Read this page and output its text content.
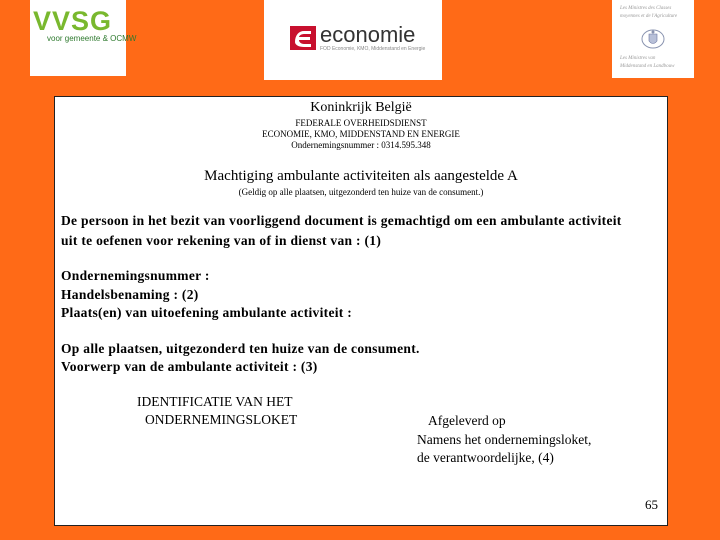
VVSG
voor gemeente & OCMW	economie
FOD Economie, KMO, Middenstand en Energie
Les Ministres des Classes
moyennes et de l'Agriculture
Les Ministres van
Middenstand en Landbouw
Koninkrijk België
FEDERALE OVERHEIDSDIENST
ECONOMIE, KMO, MIDDENSTAND EN ENERGIE
Ondernemingsnummer : 0314.595.348
Machtiging ambulante activiteiten als aangestelde A
(Geldig op alle plaatsen, uitgezonderd ten huize van de consument.)
De persoon in het bezit van voorliggend document is gemachtigd om een ambulante activiteit
uit te oefenen voor rekening van of in dienst van : (1)
Ondernemingsnummer :
Handelsbenaming : (2)
Plaats(en) van uitoefening ambulante activiteit :
Op alle plaatsen, uitgezonderd ten huize van de consument.
Voorwerp van de ambulante activiteit : (3)
IDENTIFICATIE VAN HET
ONDERNEMINGSLOKET	Afgeleverd op
Namens het ondernemingsloket,
de verantwoordelijke, (4)
65
